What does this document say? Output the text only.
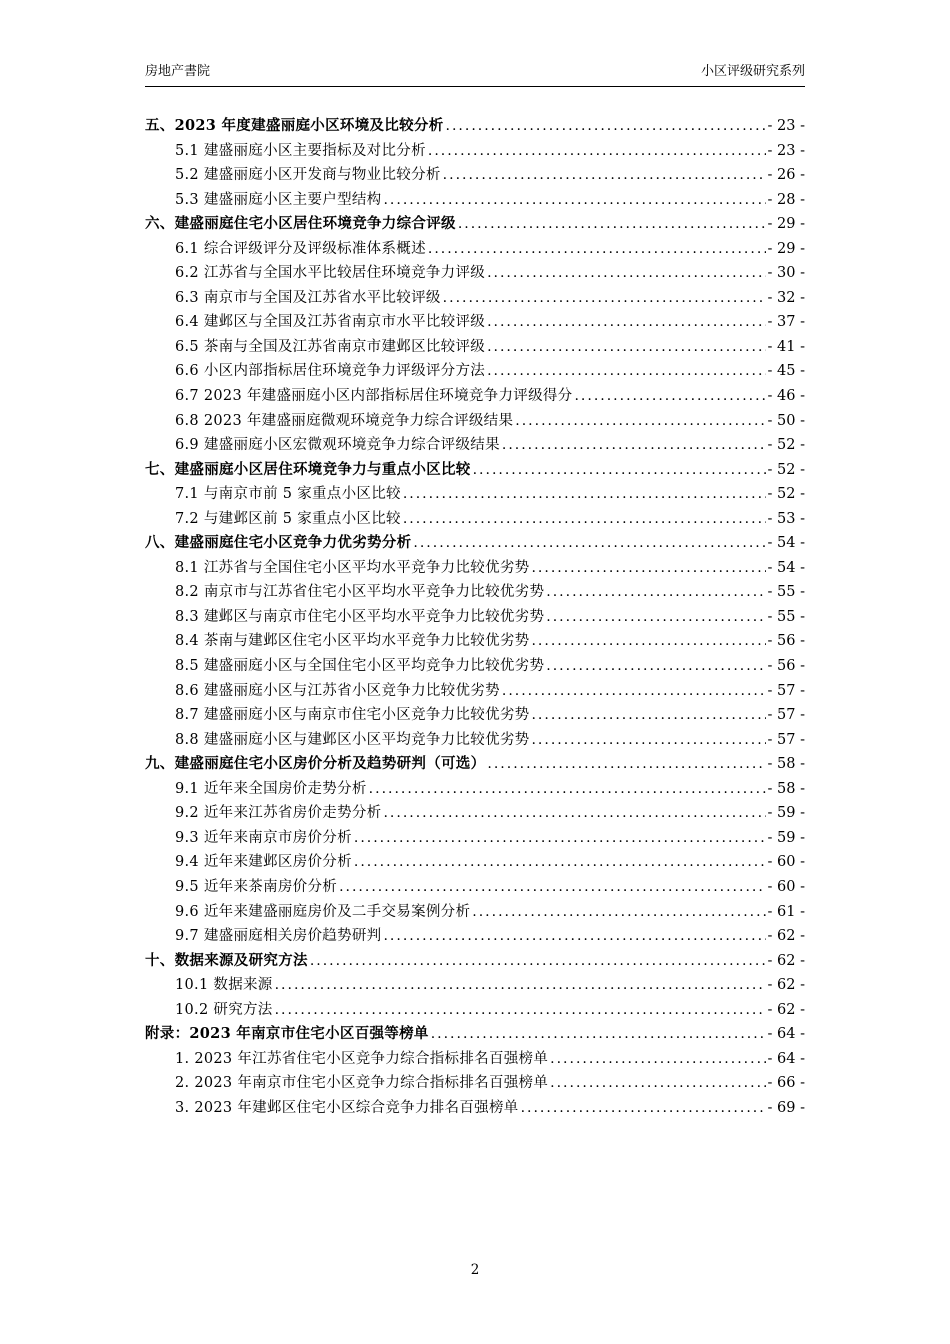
房地产書院	小区评级研究系列
五、2023 年度建盛丽庭小区环境及比较分析 .....	- 23 -
5.1 建盛丽庭小区主要指标及对比分析 .....	- 23 -
5.2 建盛丽庭小区开发商与物业比较分析 .....	- 26 -
5.3 建盛丽庭小区主要户型结构 .....	- 28 -
六、建盛丽庭住宅小区居住环境竞争力综合评级 .....	- 29 -
6.1 综合评级评分及评级标准体系概述 .....	- 29 -
6.2 江苏省与全国水平比较居住环境竞争力评级 .....	- 30 -
6.3 南京市与全国及江苏省水平比较评级 .....	- 32 -
6.4 建邺区与全国及江苏省南京市水平比较评级 .....	- 37 -
6.5 茶南与全国及江苏省南京市建邺区比较评级 .....	- 41 -
6.6 小区内部指标居住环境竞争力评级评分方法 .....	- 45 -
6.7 2023 年建盛丽庭小区内部指标居住环境竞争力评级得分 .....	- 46 -
6.8 2023 年建盛丽庭微观环境竞争力综合评级结果 .....	- 50 -
6.9 建盛丽庭小区宏微观环境竞争力综合评级结果 .....	- 52 -
七、建盛丽庭小区居住环境竞争力与重点小区比较 .....	- 52 -
7.1 与南京市前 5 家重点小区比较 .....	- 52 -
7.2 与建邺区前 5 家重点小区比较 .....	- 53 -
八、建盛丽庭住宅小区竞争力优劣势分析 .....	- 54 -
8.1 江苏省与全国住宅小区平均水平竞争力比较优劣势 .....	- 54 -
8.2 南京市与江苏省住宅小区平均水平竞争力比较优劣势 .....	- 55 -
8.3 建邺区与南京市住宅小区平均水平竞争力比较优劣势 .....	- 55 -
8.4 茶南与建邺区住宅小区平均水平竞争力比较优劣势 .....	- 56 -
8.5 建盛丽庭小区与全国住宅小区平均竞争力比较优劣势 .....	- 56 -
8.6 建盛丽庭小区与江苏省小区竞争力比较优劣势 .....	- 57 -
8.7 建盛丽庭小区与南京市住宅小区竞争力比较优劣势 .....	- 57 -
8.8 建盛丽庭小区与建邺区小区平均竞争力比较优劣势 .....	- 57 -
九、建盛丽庭住宅小区房价分析及趋势研判（可选） .....	- 58 -
9.1 近年来全国房价走势分析 .....	- 58 -
9.2 近年来江苏省房价走势分析 .....	- 59 -
9.3 近年来南京市房价分析 .....	- 59 -
9.4 近年来建邺区房价分析 .....	- 60 -
9.5 近年来茶南房价分析 .....	- 60 -
9.6 近年来建盛丽庭房价及二手交易案例分析 .....	- 61 -
9.7 建盛丽庭相关房价趋势研判 .....	- 62 -
十、数据来源及研究方法 .....	- 62 -
10.1 数据来源 .....	- 62 -
10.2 研究方法 .....	- 62 -
附录：2023 年南京市住宅小区百强等榜单 .....	- 64 -
1. 2023 年江苏省住宅小区竞争力综合指标排名百强榜单 .....	- 64 -
2. 2023 年南京市住宅小区竞争力综合指标排名百强榜单 .....	- 66 -
3. 2023 年建邺区住宅小区综合竞争力排名百强榜单 .....	- 69 -
2
